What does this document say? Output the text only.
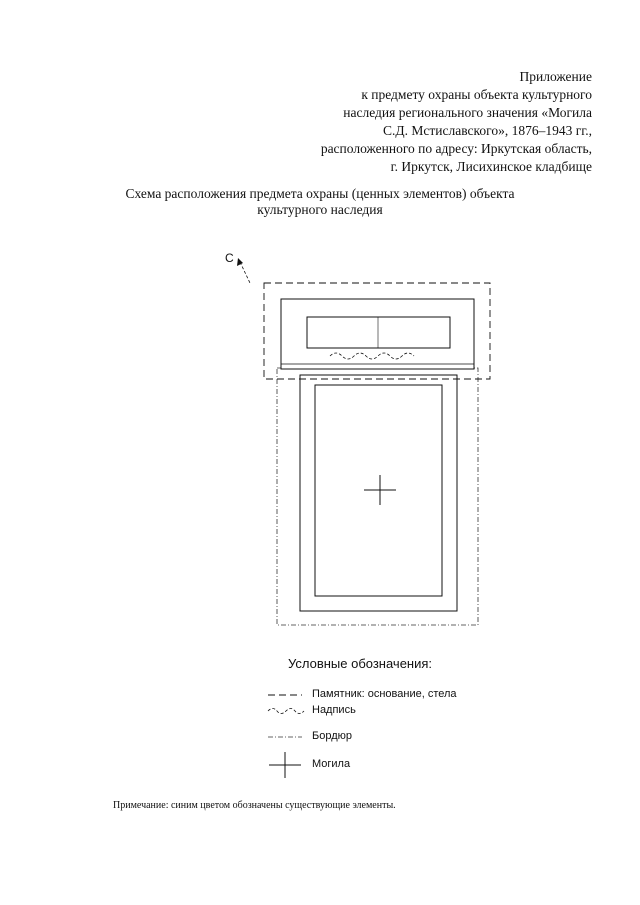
Приложение
к предмету охраны объекта культурного
наследия регионального значения «Могила
С.Д. Мстиславского», 1876–1943 гг.,
расположенного по адресу: Иркутская область,
г. Иркутск, Лисихинское кладбище
Схема расположения предмета охраны (ценных элементов) объекта
культурного наследия
С
Условные обозначения:
Памятник: основание, стела
Надпись
Бордюр
Могила
Примечание: синим цветом обозначены существующие элементы.
